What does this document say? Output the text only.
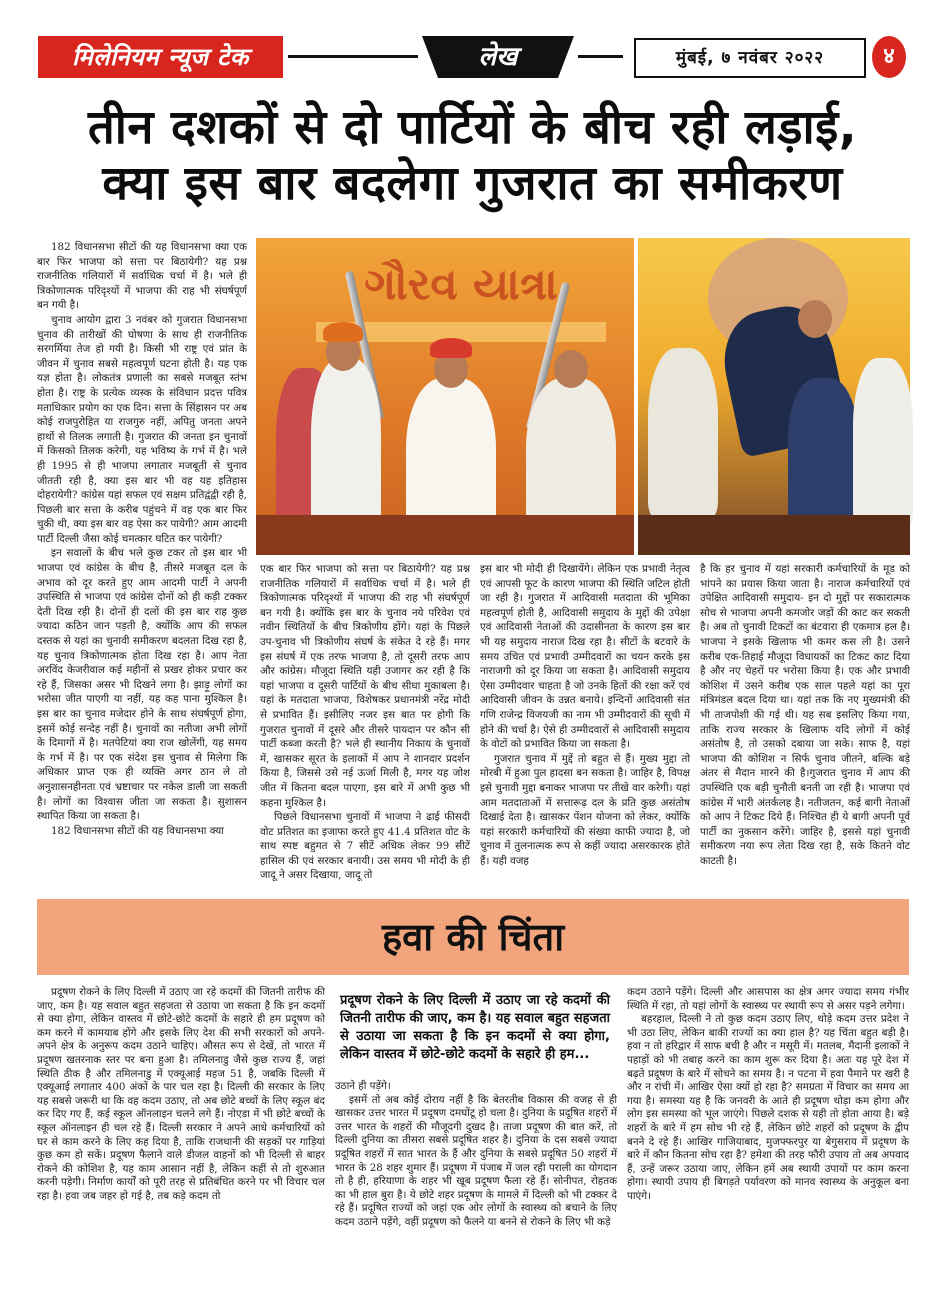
मिलेनियम न्यूज टेक	लेख	मुंबई, ७ नवंबर २०२२	४
तीन दशकों से दो पार्टियों के बीच रही लड़ाई,
क्या इस बार बदलेगा गुजरात का समीकरण

182 विधानसभा सीटों की यह विधानसभा क्या एक बार फिर भाजपा को सत्ता पर बिठायेगी? यह प्रश्न राजनीतिक गलियारों में सर्वाधिक चर्चा में है। भले ही त्रिकोणात्मक परिदृश्यों में भाजपा की राह भी संघर्षपूर्ण बन गयी है।

चुनाव आयोग द्वारा 3 नवंबर को गुजरात विधानसभा चुनाव की तारीखों की घोषणा के साथ ही राजनीतिक सरगर्मिया तेज हो गयी है। किसी भी राष्ट्र एवं प्रांत के जीवन में चुनाव सबसे महत्वपूर्ण घटना होती है। यह एक यज्ञ होता है। लोकतंत्र प्रणाली का सबसे मजबूत स्तंभ होता है। राष्ट्र के प्रत्येक व्यस्क के संविधान प्रदत्त पवित्र मताधिकार प्रयोग का एक दिन। सत्ता के सिंहासन पर अब कोई राजपुरोहित या राजगुरु नहीं, अपितु जनता अपने हाथों से तिलक लगाती है। गुजरात की जनता इन चुनावों में किसको तिलक करेगी, यह भविष्य के गर्भ में है। भले ही 1995 से ही भाजपा लगातार मजबूती से चुनाव जीतती रही है, क्या इस बार भी वह यह इतिहास दोहरायेगी? कांग्रेस यहां सफल एवं सक्षम प्रतिद्वंद्वी रही है, पिछली बार सत्ता के करीब पहुंचने में वह एक बार फिर चुकी थी, क्या इस बार वह ऐसा कर पायेगी? आम आदमी पार्टी दिल्ली जैसा कोई चमत्कार घटित कर पायेगी?

इन सवालों के बीच भले कुछ टकर तो इस बार भी भाजपा एवं कांग्रेस के बीच है, तीसरे मजबूत दल के अभाव को दूर करते हुए आम आदमी पार्टी ने अपनी उपस्थिति से भाजपा एवं कांग्रेस दोनों को ही कड़ी टक्कर देती दिख रही है। दोनों ही दलों की इस बार राह कुछ ज्यादा कठिन जान पड़ती है, क्योंकि आप की सफल दस्तक से यहां का चुनावी समीकरण बदलता दिख रहा है, यह चुनाव त्रिकोणात्मक होता दिख रहा है। आप नेता अरविंद केजरीवाल कई महीनों से प्रखर होकर प्रचार कर रहे हैं, जिसका असर भी दिखने लगा है। झाड़ू लोगों का भरोसा जीत पाएगी या नहीं, यह कह पाना मुश्किल है। इस बार का चुनाव मजेदार होने के साथ संघर्षपूर्ण होगा, इसमें कोई सन्देह नहीं है। चुनावों का नतीजा अभी लोगों के दिमागों में है। मतपेटियां क्या राज खोलेंगी, यह समय के गर्भ में है। पर एक संदेश इस चुनाव से मिलेगा कि अधिकार प्राप्त एक ही व्यक्ति अगर ठान ले तो अनुशासनहीनता एवं भ्रष्टाचार पर नकेल डाली जा सकती है। लोगों का विश्वास जीता जा सकता है। सुशासन स्थापित किया जा सकता है।

182 विधानसभा सीटों की यह विधानसभा क्या

ગૌરવ યાત્રા

एक बार फिर भाजपा को सत्ता पर बिठायेगी? यह प्रश्न राजनीतिक गलियारों में सर्वाधिक चर्चा में है। भले ही त्रिकोणात्मक परिदृश्यों में भाजपा की राह भी संघर्षपूर्ण बन गयी है। क्योंकि इस बार के चुनाव नये परिवेश एवं नवीन स्थितियों के बीच त्रिकोणीय होंगे। यहां के पिछले उप-चुनाव भी त्रिकोणीय संघर्ष के संकेत दे रहे हैं। मगर इस संघर्ष में एक तरफ भाजपा है, तो दूसरी तरफ आप और कांग्रेस। मौजूदा स्थिति यही उजागर कर रही है कि यहां भाजपा व दूसरी पार्टियों के बीच सीधा मुकाबला है। यहां के मतदाता भाजपा, विशेषकर प्रधानमंत्री नरेंद्र मोदी से प्रभावित हैं। इसीलिए नजर इस बात पर होगी कि गुजरात चुनावों में दूसरे और तीसरे पायदान पर कौन सी पार्टी कब्जा करती है? भले ही स्थानीय निकाय के चुनावों में, खासकर सूरत के इलाकों में आप ने शानदार प्रदर्शन किया है, जिससे उसे नई ऊर्जा मिली है, मगर यह जोश जीत में कितना बदल पाएगा, इस बारे में अभी कुछ भी कहना मुश्किल है।

पिछले विधानसभा चुनावों में भाजपा ने ढाई फीसदी वोट प्रतिशत का इजाफा करते हुए 41.4 प्रतिशत वोट के साथ स्पष्ट बहुमत से 7 सीटें अधिक लेकर 99 सीटें हासिल की एवं सरकार बनायी। उस समय भी मोदी के ही जादू ने असर दिखाया, जादू तो

इस बार भी मोदी ही दिखायेंगे। लेकिन एक प्रभावी नेतृत्व एवं आपसी फूट के कारण भाजपा की स्थिति जटिल होती जा रही है। गुजरात में आदिवासी मतदाता की भूमिका महत्वपूर्ण होती है, आदिवासी समुदाय के मुद्दों की उपेक्षा एवं आदिवासी नेताओं की उदासीनता के कारण इस बार भी यह समुदाय नाराज दिख रहा है। सीटों के बटवारे के समय उचित एवं प्रभावी उम्मीदवारों का चयन करके इस नाराजगी को दूर किया जा सकता है। आदिवासी समुदाय ऐसा उम्मीदवार चाहता है जो उनके हितों की रक्षा करें एवं आदिवासी जीवन के उन्नत बनाये। इन्दिनों आदिवासी संत गणि राजेन्द्र विजयजी का नाम भी उम्मीदवारों की सूची में होने की चर्चा है। ऐसे ही उम्मीदवारों से आदिवासी समुदाय के वोटों को प्रभावित किया जा सकता है।

गुजरात चुनाव में मुद्दें तो बहुत से हैं। मुख्य मुद्दा तो मोरबी में हुआ पुल हादसा बन सकता है। जाहिर है, विपक्ष इसे चुनावी मुद्दा बनाकर भाजपा पर तीखे वार करेगी। यहां आम मतदाताओं में सत्तारूढ़ दल के प्रति कुछ असंतोष दिखाई देता है। खासकर पेंशन योजना को लेकर, क्योंकि यहां सरकारी कर्मचारियों की संख्या काफी ज्यादा है, जो चुनाव में तुलनात्मक रूप से कहीं ज्यादा असरकारक होते हैं। यही वजह

है कि हर चुनाव में यहां सरकारी कर्मचारियों के मूड को भांपने का प्रयास किया जाता है। नाराज कर्मचारियों एवं उपेक्षित आदिवासी समुदाय- इन दो मुद्दों पर सकारात्मक सोच से भाजपा अपनी कमजोर जड़ों की काट कर सकती है। अब तो चुनावी टिकटों का बंटवारा ही एकमात्र हल है। भाजपा ने इसके खिलाफ भी कमर कस ली है। उसने करीब एक-तिहाई मौजूदा विधायकों का टिकट काट दिया है और नए चेहरों पर भरोसा किया है। एक और प्रभावी कोशिश में उसने करीब एक साल पहले यहां का पूरा मंत्रिमंडल बदल दिया था। यहां तक कि नए मुख्यमंत्री की भी ताजपोशी की गई थी। यह सब इसलिए किया गया, ताकि राज्य सरकार के खिलाफ यदि लोगों में कोई असंतोष है, तो उसको दबाया जा सके। साफ है, यहां भाजपा की कोशिश न सिर्फ चुनाव जीतने, बल्कि बड़े अंतर से मैदान मारने की है।गुजरात चुनाव में आप की उपस्थिति एक बड़ी चुनौती बनती जा रही है। भाजपा एवं कांग्रेस में भारी अंतर्कलह है। नतीजतन, कई बागी नेताओं को आप ने टिकट दिये हैं। निश्चित ही ये बागी अपनी पूर्व पार्टी का नुकसान करेंगे। जाहिर है, इससे यहां चुनावी समीकरण नया रूप लेता दिख रहा है, सके कितने वोट काटती है।

हवा की चिंता

प्रदूषण रोकने के लिए दिल्ली में उठाए जा रहे कदमों की जितनी तारीफ की जाए, कम है। यह सवाल बहुत सहजता से उठाया जा सकता है कि इन कदमों से क्या होगा, लेकिन वास्तव में छोटे-छोटे कदमों के सहारे ही हम प्रदूषण को कम करने में कामयाब होंगे और इसके लिए देश की सभी सरकारों को अपने-अपने क्षेत्र के अनुरूप कदम उठाने चाहिए। औसत रूप से देखें, तो भारत में प्रदूषण खतरनाक स्तर पर बना हुआ है। तमिलनाडु जैसे कुछ राज्य हैं, जहां स्थिति ठीक है और तमिलनाडु में एक्यूआई महज 51 है, जबकि दिल्ली में एक्यूआई लगातार 400 अंकों के पार चल रहा है। दिल्ली की सरकार के लिए यह सबसे जरूरी था कि वह कदम उठाए, तो अब छोटे बच्चों के लिए स्कूल बंद कर दिए गए हैं, कई स्कूल ऑनलाइन चलने लगे हैं। नोएडा में भी छोटे बच्चों के स्कूल ऑनलाइन ही चल रहे हैं। दिल्ली सरकार ने अपने आधे कर्मचारियों को घर से काम करने के लिए कह दिया है, ताकि राजधानी की सड़कों पर गाड़ियां कुछ कम हो सकें। प्रदूषण फैलाने वाले डीजल वाहनों को भी दिल्ली से बाहर रोकने की कोशिश है, यह काम आसान नहीं है, लेकिन कहीं से तो शुरुआत करनी पड़ेगी। निर्माण कार्यों को पूरी तरह से प्रतिबंधित करने पर भी विचार चल रहा है। हवा जब जहर हो गई है, तब कड़े कदम तो

प्रदूषण रोकने के लिए दिल्ली में उठाए जा रहे कदमों की जितनी तारीफ की जाए, कम है। यह सवाल बहुत सहजता से उठाया जा सकता है कि इन कदमों से क्या होगा, लेकिन वास्तव में छोटे-छोटे कदमों के सहारे ही हम...

उठाने ही पड़ेंगे।

इसमें तो अब कोई दोराय नहीं है कि बेतरतीब विकास की वजह से ही खासकर उत्तर भारत में प्रदूषण दमघोंटू हो चला है। दुनिया के प्रदूषित शहरों में उत्तर भारत के शहरों की मौजूदगी दुखद है। ताजा प्रदूषण की बात करें, तो दिल्ली दुनिया का तीसरा सबसे प्रदूषित शहर है। दुनिया के दस सबसे ज्यादा प्रदूषित शहरों में सात भारत के हैं और दुनिया के सबसे प्रदूषित 50 शहरों में भारत के 28 शहर शुमार हैं। प्रदूषण में पंजाब में जल रही पराली का योगदान तो है ही, हरियाणा के शहर भी खूब प्रदूषण फैला रहे हैं। सोनीपत, रोहतक का भी हाल बुरा है। ये छोटे शहर प्रदूषण के मामले में दिल्ली को भी टक्कर दे रहे हैं। प्रदूषित राज्यों को जहां एक ओर लोगों के स्वास्थ्य को बचाने के लिए कदम उठाने पड़ेंगे, वहीं प्रदूषण को फैलने या बनने से रोकने के लिए भी कड़े

कदम उठाने पड़ेंगे। दिल्ली और आसपास का क्षेत्र अगर ज्यादा समय गंभीर स्थिति में रहा, तो यहां लोगों के स्वास्थ्य पर स्थायी रूप से असर पड़ने लगेगा।

बहरहाल, दिल्ली ने तो कुछ कदम उठाए लिए, थोड़े कदम उत्तर प्रदेश ने भी उठा लिए, लेकिन बाकी राज्यों का क्या हाल है? यह चिंता बहुत बड़ी है। हवा न तो हरिद्वार में साफ बची है और न मसूरी में। मतलब, मैदानी इलाकों ने पहाड़ों को भी तबाह करने का काम शुरू कर दिया है। अतः यह पूरे देश में बढ़ते प्रदूषण के बारे में सोचने का समय है। न पटना में हवा पैमाने पर खरी है और न रांची में। आखिर ऐसा क्यों हो रहा है? समग्रता में विचार का समय आ गया है। समस्या यह है कि जनवरी के आते ही प्रदूषण थोड़ा कम होगा और लोग इस समस्या को भूल जाएंगे। पिछले दशक से यही तो होता आया है। बड़े शहरों के बारे में हम सोच भी रहे हैं, लेकिन छोटे शहरों को प्रदूषण के द्वीप बनने दे रहे हैं। आखिर गाजियाबाद, मुजफ्फरपुर या बेगुसराय में प्रदूषण के बारे में कौन कितना सोच रहा है? हमेशा की तरह फौरी उपाय तो अब अपवाद हैं, उन्हें जरूर उठाया जाए, लेकिन हमें अब स्थायी उपायों पर काम करना होगा। स्थायी उपाय ही बिगड़ते पर्यावरण को मानव स्वास्थ्य के अनुकूल बना पाएंगे।
